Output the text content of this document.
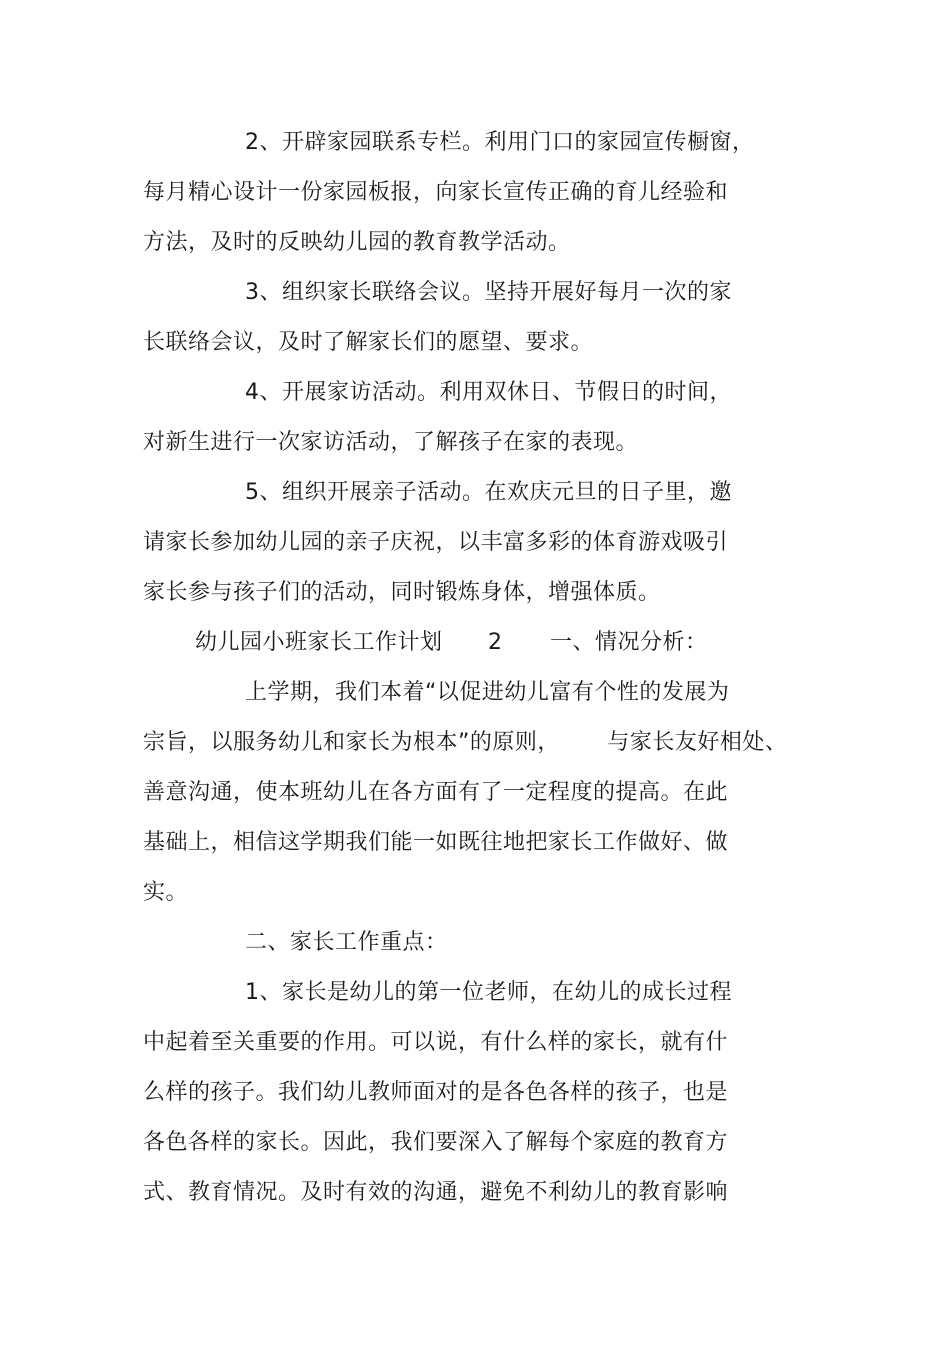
2、开辟家园联系专栏。利用门口的家园宣传橱窗，
每月精心设计一份家园板报，向家长宣传正确的育儿经验和
方法，及时的反映幼儿园的教育教学活动。
3、组织家长联络会议。坚持开展好每月一次的家
长联络会议，及时了解家长们的愿望、要求。
4、开展家访活动。利用双休日、节假日的时间，
对新生进行一次家访活动，了解孩子在家的表现。
5、组织开展亲子活动。在欢庆元旦的日子里，邀
请家长参加幼儿园的亲子庆祝，以丰富多彩的体育游戏吸引
家长参与孩子们的活动，同时锻炼身体，增强体质。
幼儿园小班家长工作计划 2 一、情况分析：
上学期，我们本着“以促进幼儿富有个性的发展为
宗旨，以服务幼儿和家长为根本”的原则， 与家长友好相处、
善意沟通，使本班幼儿在各方面有了一定程度的提高。在此
基础上，相信这学期我们能一如既往地把家长工作做好、做
实。
二、家长工作重点：
1、家长是幼儿的第一位老师，在幼儿的成长过程
中起着至关重要的作用。可以说，有什么样的家长，就有什
么样的孩子。我们幼儿教师面对的是各色各样的孩子，也是
各色各样的家长。因此，我们要深入了解每个家庭的教育方
式、教育情况。及时有效的沟通，避免不利幼儿的教育影响
